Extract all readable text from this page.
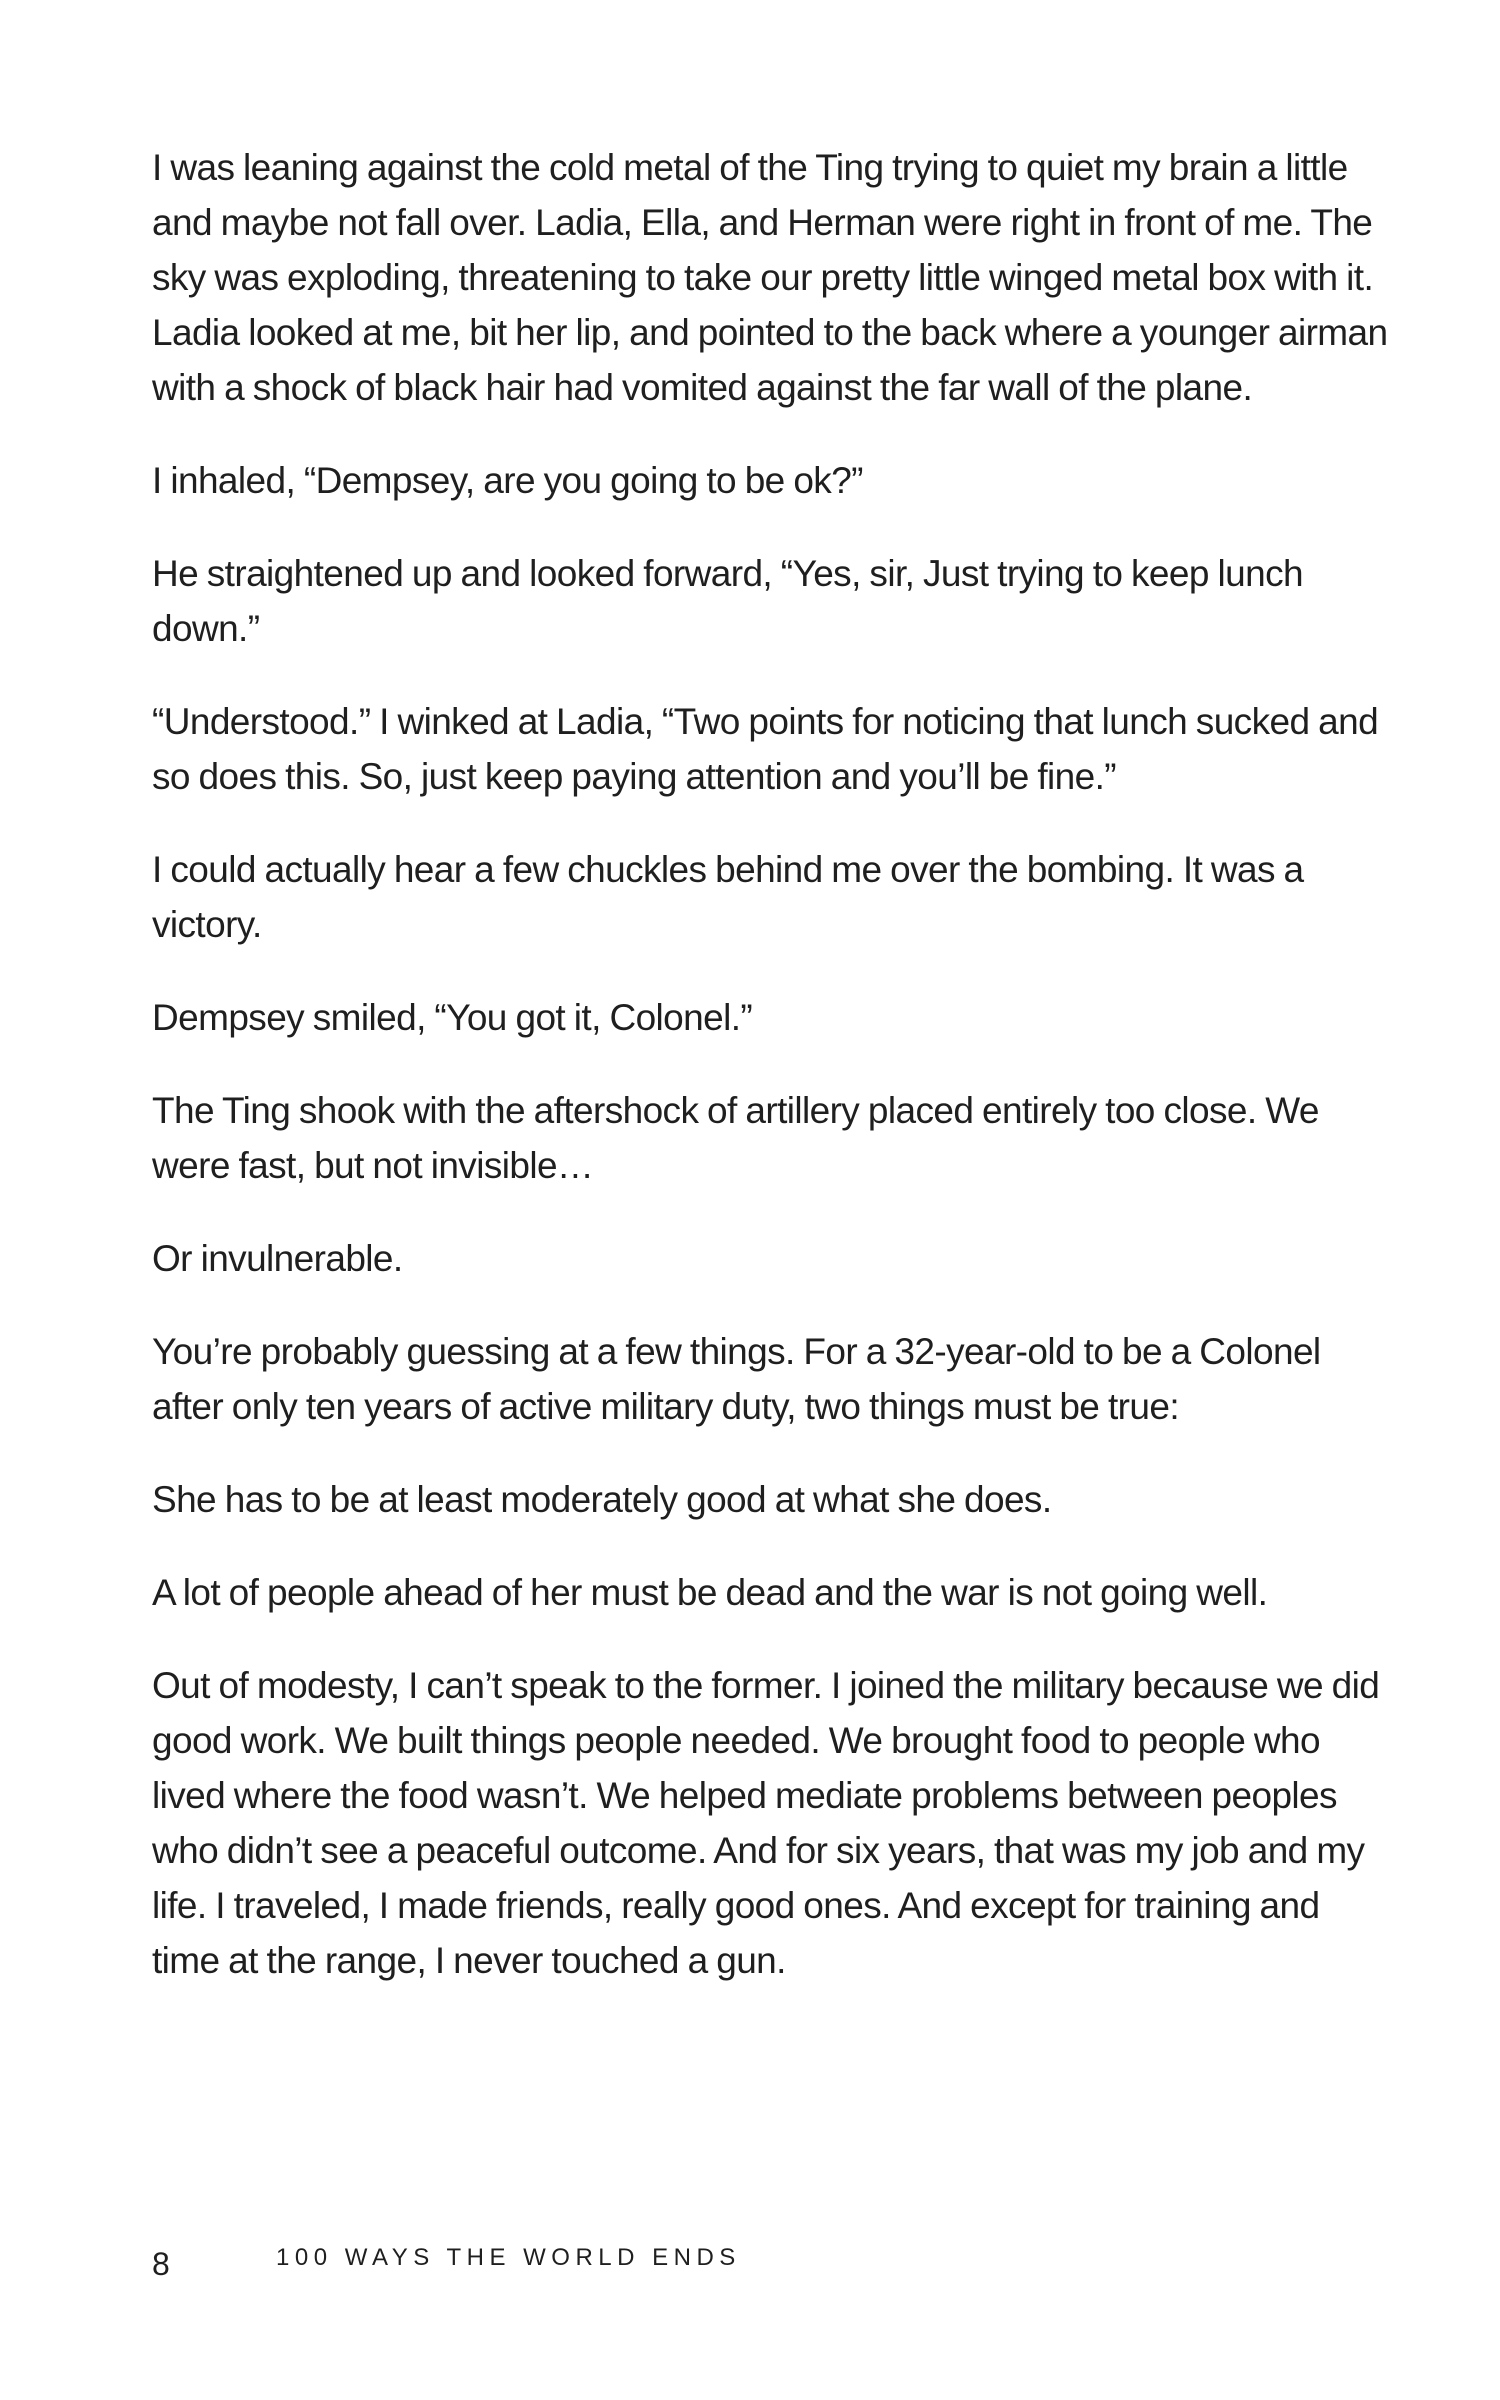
I was leaning against the cold metal of the Ting trying to quiet my brain a little and maybe not fall over. Ladia, Ella, and Herman were right in front of me. The sky was exploding, threatening to take our pretty little winged metal box with it. Ladia looked at me, bit her lip, and pointed to the back where a younger airman with a shock of black hair had vomited against the far wall of the plane.

I inhaled, “Dempsey, are you going to be ok?”

He straightened up and looked forward, “Yes, sir, Just trying to keep lunch down.”

“Understood.” I winked at Ladia, “Two points for noticing that lunch sucked and so does this. So, just keep paying attention and you’ll be fine.”

I could actually hear a few chuckles behind me over the bombing. It was a victory.

Dempsey smiled, “You got it, Colonel.”

The Ting shook with the aftershock of artillery placed entirely too close. We were fast, but not invisible…

Or invulnerable.

You’re probably guessing at a few things. For a 32-year-old to be a Colonel after only ten years of active military duty, two things must be true:

She has to be at least moderately good at what she does.

A lot of people ahead of her must be dead and the war is not going well.

Out of modesty, I can’t speak to the former. I joined the military because we did good work. We built things people needed. We brought food to people who lived where the food wasn’t. We helped mediate problems between peoples who didn’t see a peaceful outcome. And for six years, that was my job and my life. I traveled, I made friends, really good ones. And except for training and time at the range, I never touched a gun.

8	100 WAYS THE WORLD ENDS
